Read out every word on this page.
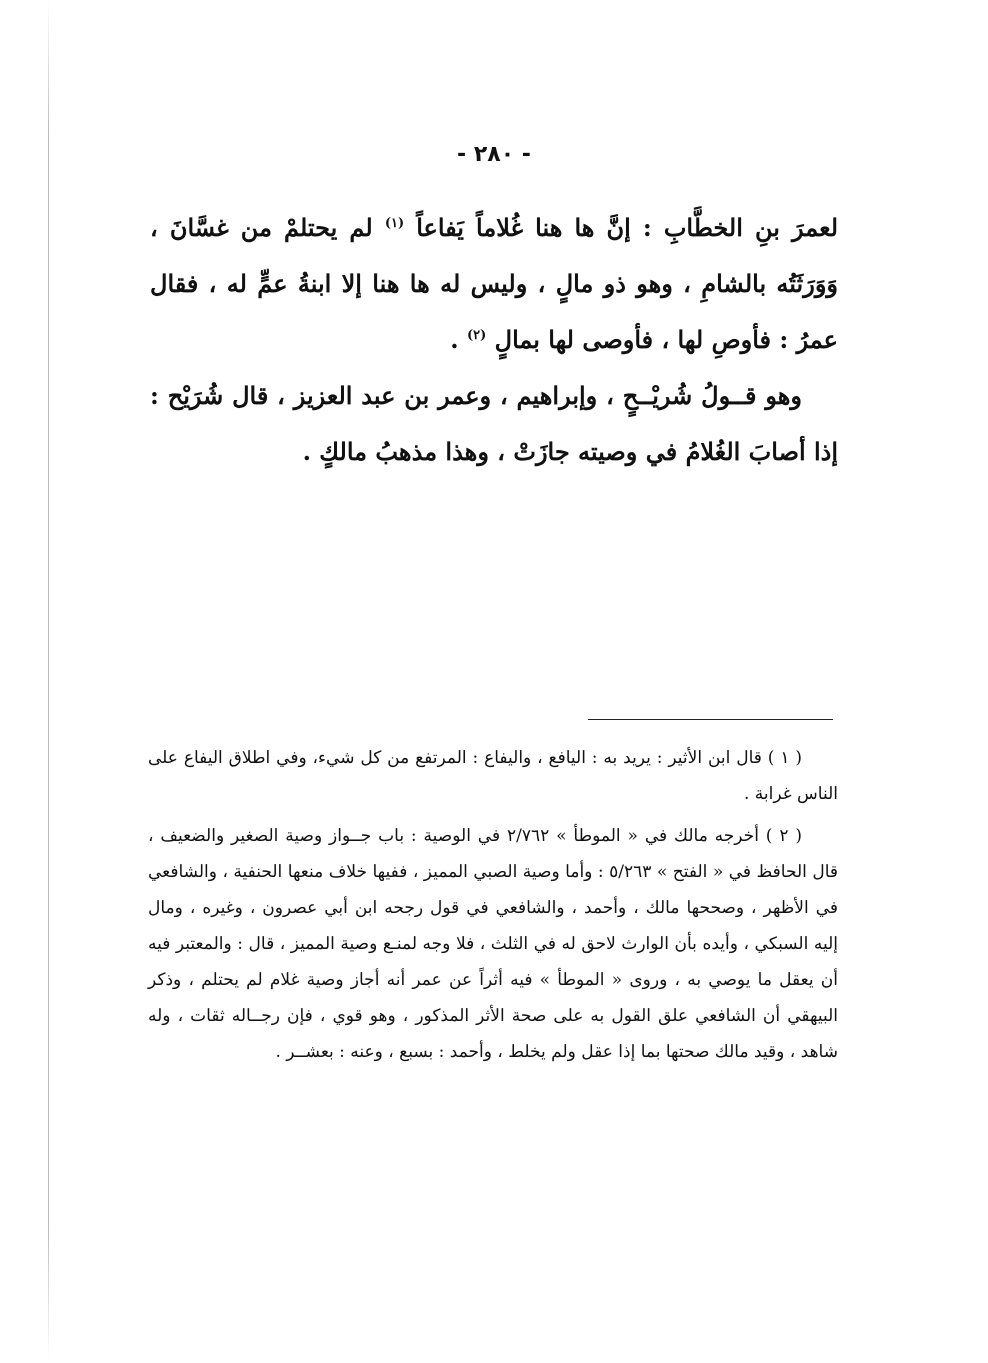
- ٢٨٠ -

لعمرَ بنِ الخطَّابِ : إنَّ ها هنا غُلاماً يَفاعاً $^{(١)}$ لم يحتلمْ من غسَّانَ ، وَوَرَثَتُه بالشامِ ، وهو ذو مالٍ ، وليس له ها هنا إلا ابنةُ عمٍّ له ، فقال عمرُ : فأوصِ لها ، فأوصى لها بمالٍ $^{(٢)}$ .

وهو قــولُ شُريْــحٍ ، وإبراهيم ، وعمر بن عبد العزيز ، قال شُرَيْح : إذا أصابَ الغُلامُ في وصيته جازَتْ ، وهذا مذهبُ مالكٍ .

( ١ ) قال ابن الأثير : يريد به : اليافع ، واليفاع : المرتفع من كل شيء، وفي اطلاق اليفاع على الناس غرابة .

( ٢ ) أخرجه مالك في « الموطأ » ٢/٧٦٢ في الوصية : باب جــواز وصية الصغير والضعيف ، قال الحافظ في « الفتح » ٥/٢٦٣ : وأما وصية الصبي المميز ، ففيها خلاف منعها الحنفية ، والشافعي في الأظهر ، وصححها مالك ، وأحمد ، والشافعي في قول رجحه ابن أبي عصرون ، وغيره ، ومال إليه السبكي ، وأيده بأن الوارث لاحق له في الثلث ، فلا وجه لمنـع وصية المميز ، قال : والمعتبر فيه أن يعقل ما يوصي به ، وروى « الموطأ » فيه أثراً عن عمر أنه أجاز وصية غلام لم يحتلم ، وذكر البيهقي أن الشافعي علق القول به على صحة الأثر المذكور ، وهو قوي ، فإن رجــاله ثقات ، وله شاهد ، وقيد مالك صحتها بما إذا عقل ولم يخلط ، وأحمد : بسبع ، وعنه : بعشــر .
